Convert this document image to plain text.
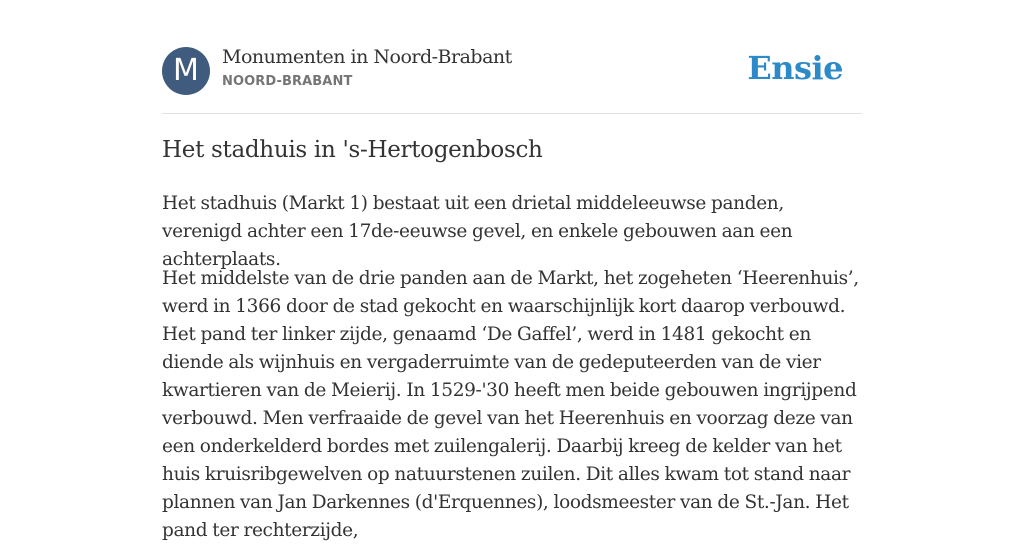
M	Monumenten in Noord-Brabant
NOORD-BRABANT	Ensie
Het stadhuis in 's-Hertogenbosch

Het stadhuis (Markt 1) bestaat uit een drietal middeleeuwse panden, verenigd achter een 17de-eeuwse gevel, en enkele gebouwen aan een achterplaats.

Het middelste van de drie panden aan de Markt, het zogeheten ‘Heerenhuis’, werd in 1366 door de stad gekocht en waarschijnlijk kort daarop verbouwd. Het pand ter linker zijde, genaamd ‘De Gaffel’, werd in 1481 gekocht en diende als wijnhuis en vergaderruimte van de gedeputeerden van de vier kwartieren van de Meierij. In 1529-'30 heeft men beide gebouwen ingrijpend verbouwd. Men verfraaide de gevel van het Heerenhuis en voorzag deze van een onderkelderd bordes met zuilengalerij. Daarbij kreeg de kelder van het huis kruisribgewelven op natuurstenen zuilen. Dit alles kwam tot stand naar plannen van Jan Darkennes (d'Erquennes), loodsmeester van de St.-Jan. Het pand ter rechterzijde,
